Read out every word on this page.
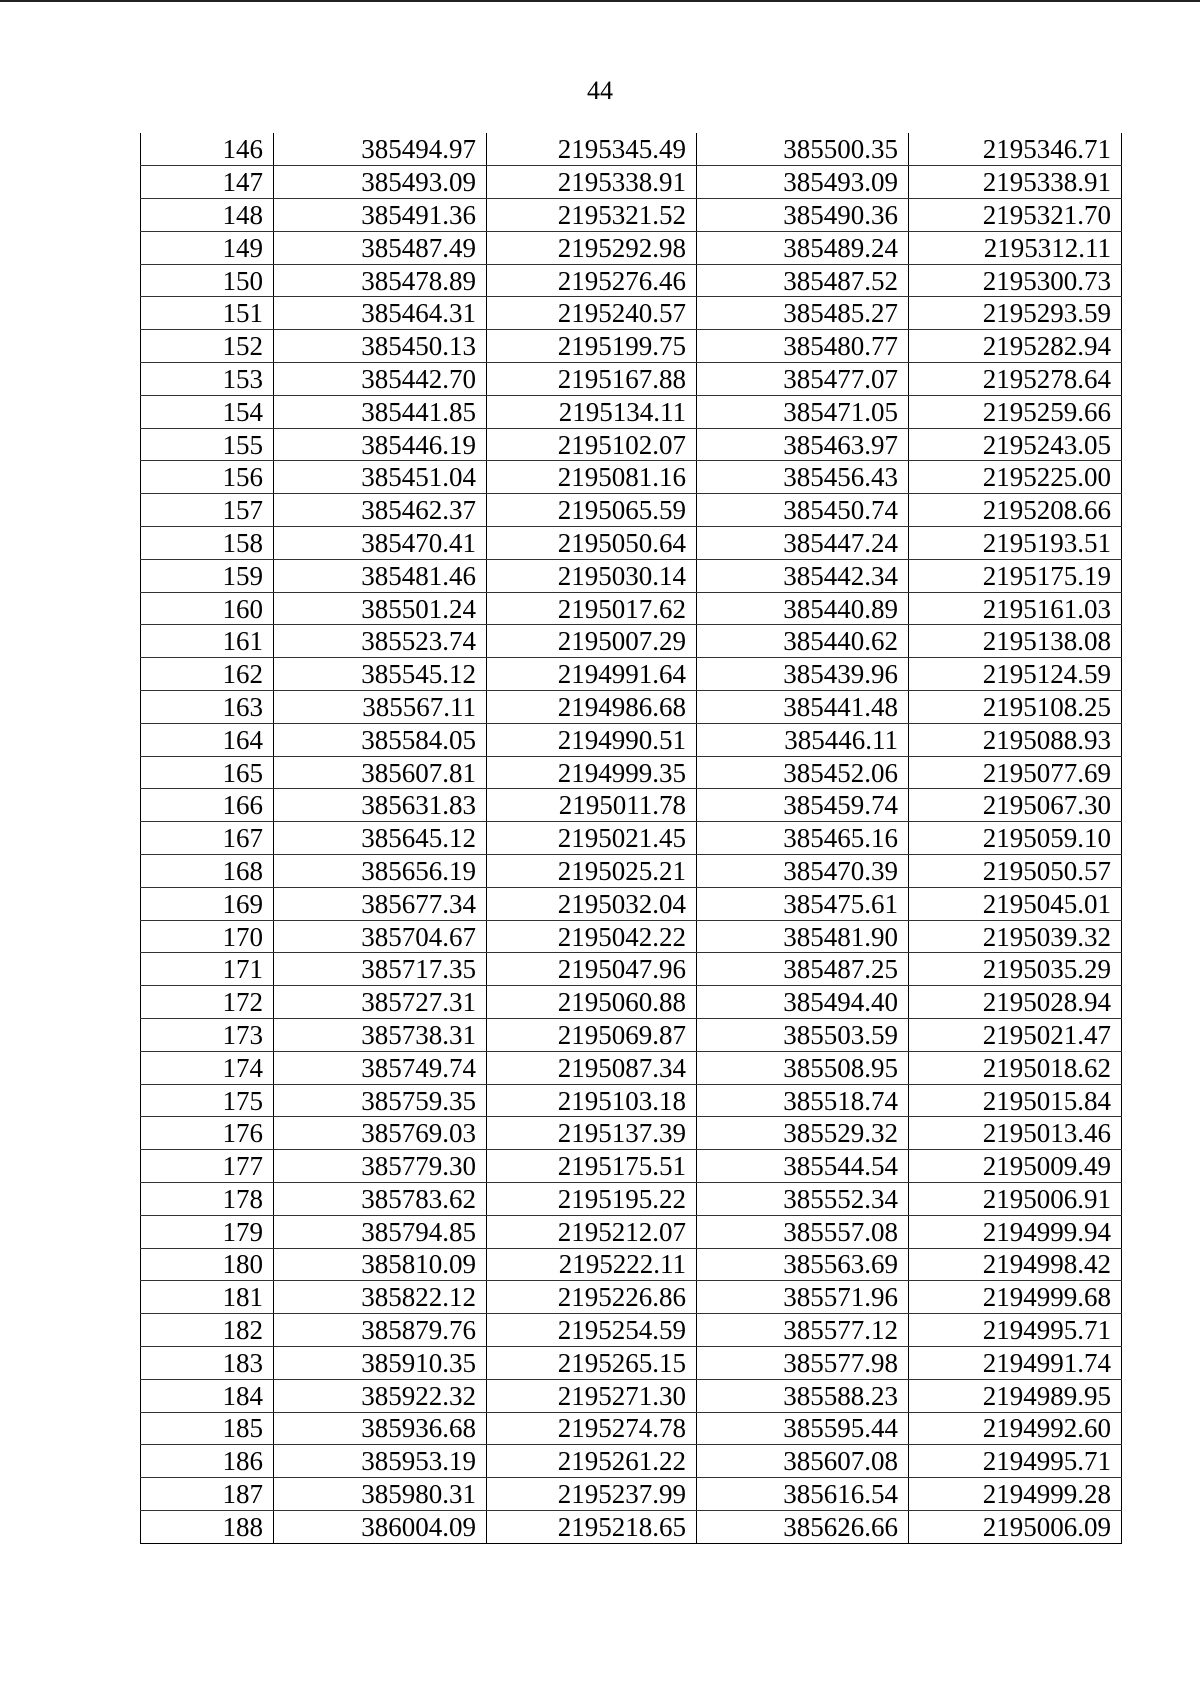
44
146	385494.97	2195345.49	385500.35	2195346.71
147	385493.09	2195338.91	385493.09	2195338.91
148	385491.36	2195321.52	385490.36	2195321.70
149	385487.49	2195292.98	385489.24	2195312.11
150	385478.89	2195276.46	385487.52	2195300.73
151	385464.31	2195240.57	385485.27	2195293.59
152	385450.13	2195199.75	385480.77	2195282.94
153	385442.70	2195167.88	385477.07	2195278.64
154	385441.85	2195134.11	385471.05	2195259.66
155	385446.19	2195102.07	385463.97	2195243.05
156	385451.04	2195081.16	385456.43	2195225.00
157	385462.37	2195065.59	385450.74	2195208.66
158	385470.41	2195050.64	385447.24	2195193.51
159	385481.46	2195030.14	385442.34	2195175.19
160	385501.24	2195017.62	385440.89	2195161.03
161	385523.74	2195007.29	385440.62	2195138.08
162	385545.12	2194991.64	385439.96	2195124.59
163	385567.11	2194986.68	385441.48	2195108.25
164	385584.05	2194990.51	385446.11	2195088.93
165	385607.81	2194999.35	385452.06	2195077.69
166	385631.83	2195011.78	385459.74	2195067.30
167	385645.12	2195021.45	385465.16	2195059.10
168	385656.19	2195025.21	385470.39	2195050.57
169	385677.34	2195032.04	385475.61	2195045.01
170	385704.67	2195042.22	385481.90	2195039.32
171	385717.35	2195047.96	385487.25	2195035.29
172	385727.31	2195060.88	385494.40	2195028.94
173	385738.31	2195069.87	385503.59	2195021.47
174	385749.74	2195087.34	385508.95	2195018.62
175	385759.35	2195103.18	385518.74	2195015.84
176	385769.03	2195137.39	385529.32	2195013.46
177	385779.30	2195175.51	385544.54	2195009.49
178	385783.62	2195195.22	385552.34	2195006.91
179	385794.85	2195212.07	385557.08	2194999.94
180	385810.09	2195222.11	385563.69	2194998.42
181	385822.12	2195226.86	385571.96	2194999.68
182	385879.76	2195254.59	385577.12	2194995.71
183	385910.35	2195265.15	385577.98	2194991.74
184	385922.32	2195271.30	385588.23	2194989.95
185	385936.68	2195274.78	385595.44	2194992.60
186	385953.19	2195261.22	385607.08	2194995.71
187	385980.31	2195237.99	385616.54	2194999.28
188	386004.09	2195218.65	385626.66	2195006.09
